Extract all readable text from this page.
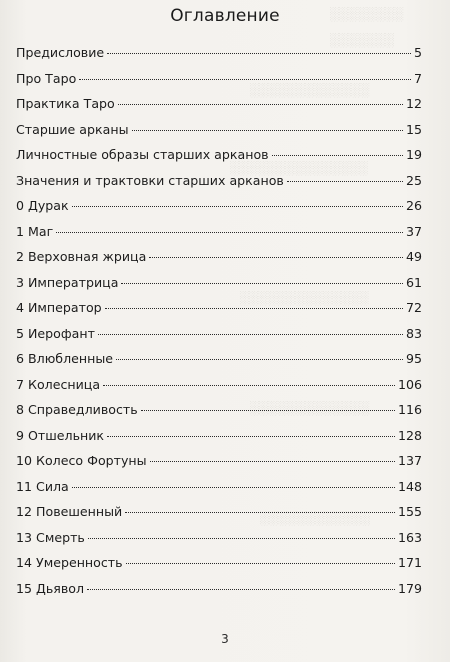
░░░░░░░░
░░░░░░░
░░░░░░░░░░░░░
░░░░░░░░░░░░░░░
░░░░░░░░░░░░░░
░░░░░░░░░░░░░
░░░░░░░░░░░░
Оглавление
Предисловие	5
Про Таро	7
Практика Таро	12
Старшие арканы	15
Личностные образы старших арканов	19
Значения и трактовки старших арканов	25
0 Дурак	26
1 Маг	37
2 Верховная жрица	49
3 Императрица	61
4 Император	72
5 Иерофант	83
6 Влюбленные	95
7 Колесница	106
8 Справедливость	116
9 Отшельник	128
10 Колесо Фортуны	137
11 Сила	148
12 Повешенный	155
13 Смерть	163
14 Умеренность	171
15 Дьявол	179
3
